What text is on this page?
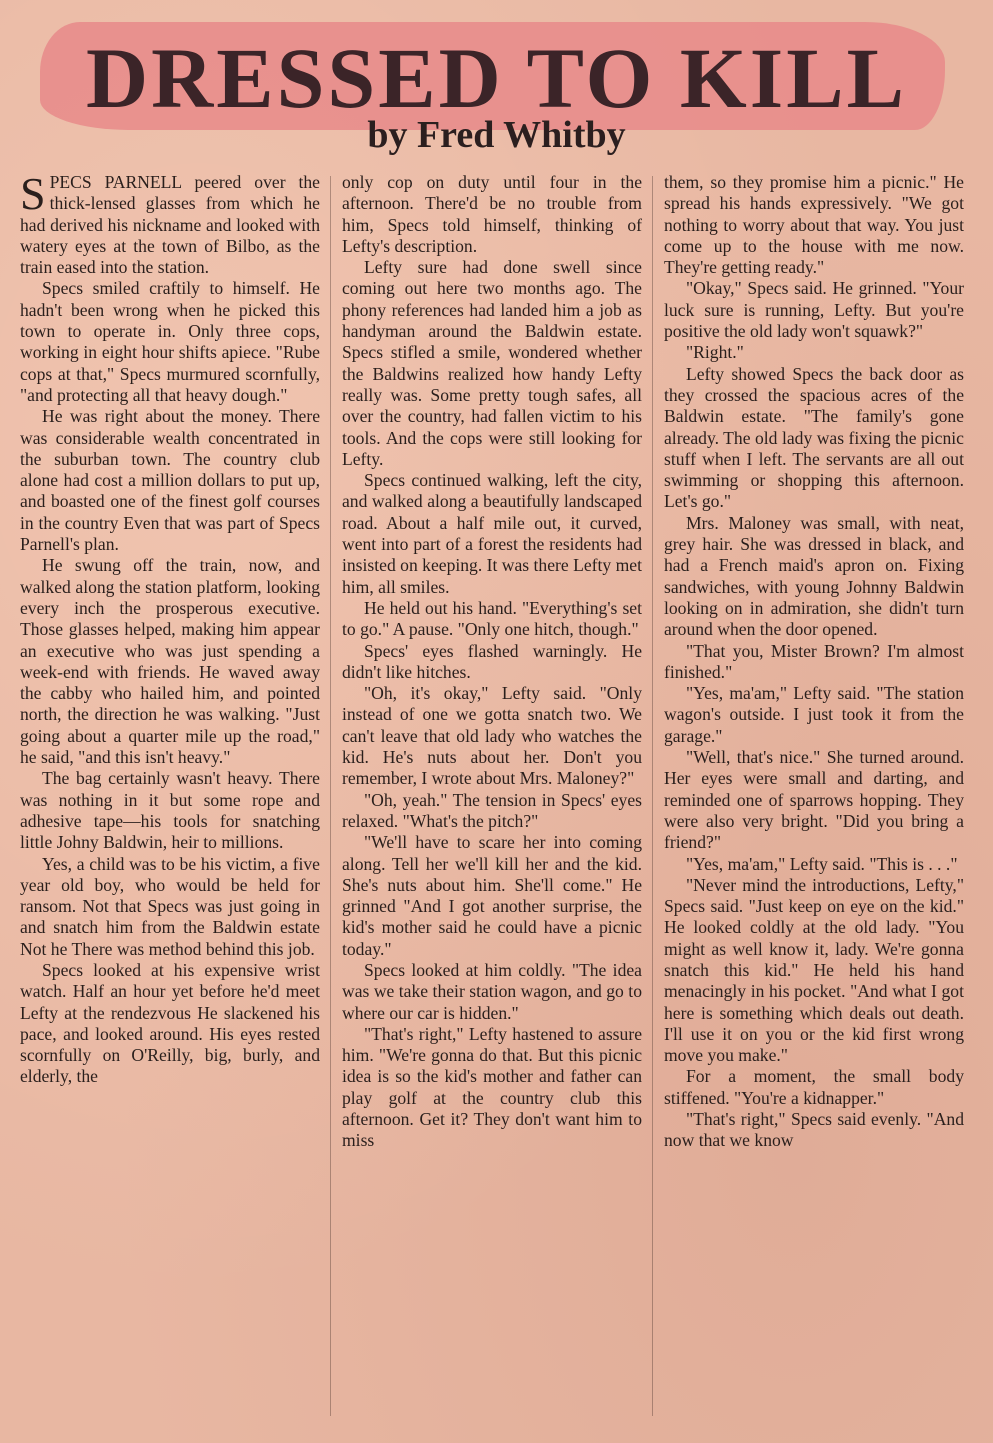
DRESSED TO KILL
by Fred Whitby

SPECS PARNELL peered over the thick-lensed glasses from which he had derived his nickname and looked with watery eyes at the town of Bilbo, as the train eased into the station.

Specs smiled craftily to himself. He hadn't been wrong when he picked this town to operate in. Only three cops, working in eight hour shifts apiece. "Rube cops at that," Specs murmured scornfully, "and protecting all that heavy dough."

He was right about the money. There was considerable wealth concentrated in the suburban town. The country club alone had cost a million dollars to put up, and boasted one of the finest golf courses in the country Even that was part of Specs Parnell's plan.

He swung off the train, now, and walked along the station platform, looking every inch the prosperous executive. Those glasses helped, making him appear an executive who was just spending a week-end with friends. He waved away the cabby who hailed him, and pointed north, the direction he was walking. "Just going about a quarter mile up the road," he said, "and this isn't heavy."

The bag certainly wasn't heavy. There was nothing in it but some rope and adhesive tape—his tools for snatching little Johny Baldwin, heir to millions.

Yes, a child was to be his victim, a five year old boy, who would be held for ransom. Not that Specs was just going in and snatch him from the Baldwin estate Not he There was method behind this job.

Specs looked at his expensive wrist watch. Half an hour yet before he'd meet Lefty at the rendezvous He slackened his pace, and looked around. His eyes rested scornfully on O'Reilly, big, burly, and elderly, the

only cop on duty until four in the afternoon. There'd be no trouble from him, Specs told himself, thinking of Lefty's description.

Lefty sure had done swell since coming out here two months ago. The phony references had landed him a job as handyman around the Baldwin estate. Specs stifled a smile, wondered whether the Baldwins realized how handy Lefty really was. Some pretty tough safes, all over the country, had fallen victim to his tools. And the cops were still looking for Lefty.

Specs continued walking, left the city, and walked along a beautifully landscaped road. About a half mile out, it curved, went into part of a forest the residents had insisted on keeping. It was there Lefty met him, all smiles.

He held out his hand. "Everything's set to go." A pause. "Only one hitch, though."

Specs' eyes flashed warningly. He didn't like hitches.

"Oh, it's okay," Lefty said. "Only instead of one we gotta snatch two. We can't leave that old lady who watches the kid. He's nuts about her. Don't you remember, I wrote about Mrs. Maloney?"

"Oh, yeah." The tension in Specs' eyes relaxed. "What's the pitch?"

"We'll have to scare her into coming along. Tell her we'll kill her and the kid. She's nuts about him. She'll come." He grinned "And I got another surprise, the kid's mother said he could have a picnic today."

Specs looked at him coldly. "The idea was we take their station wagon, and go to where our car is hidden."

"That's right," Lefty hastened to assure him. "We're gonna do that. But this picnic idea is so the kid's mother and father can play golf at the country club this afternoon. Get it? They don't want him to miss

them, so they promise him a picnic." He spread his hands expressively. "We got nothing to worry about that way. You just come up to the house with me now. They're getting ready."

"Okay," Specs said. He grinned. "Your luck sure is running, Lefty. But you're positive the old lady won't squawk?"

"Right."

Lefty showed Specs the back door as they crossed the spacious acres of the Baldwin estate. "The family's gone already. The old lady was fixing the picnic stuff when I left. The servants are all out swimming or shopping this afternoon. Let's go."

Mrs. Maloney was small, with neat, grey hair. She was dressed in black, and had a French maid's apron on. Fixing sandwiches, with young Johnny Baldwin looking on in admiration, she didn't turn around when the door opened.

"That you, Mister Brown? I'm almost finished."

"Yes, ma'am," Lefty said. "The station wagon's outside. I just took it from the garage."

"Well, that's nice." She turned around. Her eyes were small and darting, and reminded one of sparrows hopping. They were also very bright. "Did you bring a friend?"

"Yes, ma'am," Lefty said. "This is . . ."

"Never mind the introductions, Lefty," Specs said. "Just keep on eye on the kid." He looked coldly at the old lady. "You might as well know it, lady. We're gonna snatch this kid." He held his hand menacingly in his pocket. "And what I got here is something which deals out death. I'll use it on you or the kid first wrong move you make."

For a moment, the small body stiffened. "You're a kidnapper."

"That's right," Specs said evenly. "And now that we know
